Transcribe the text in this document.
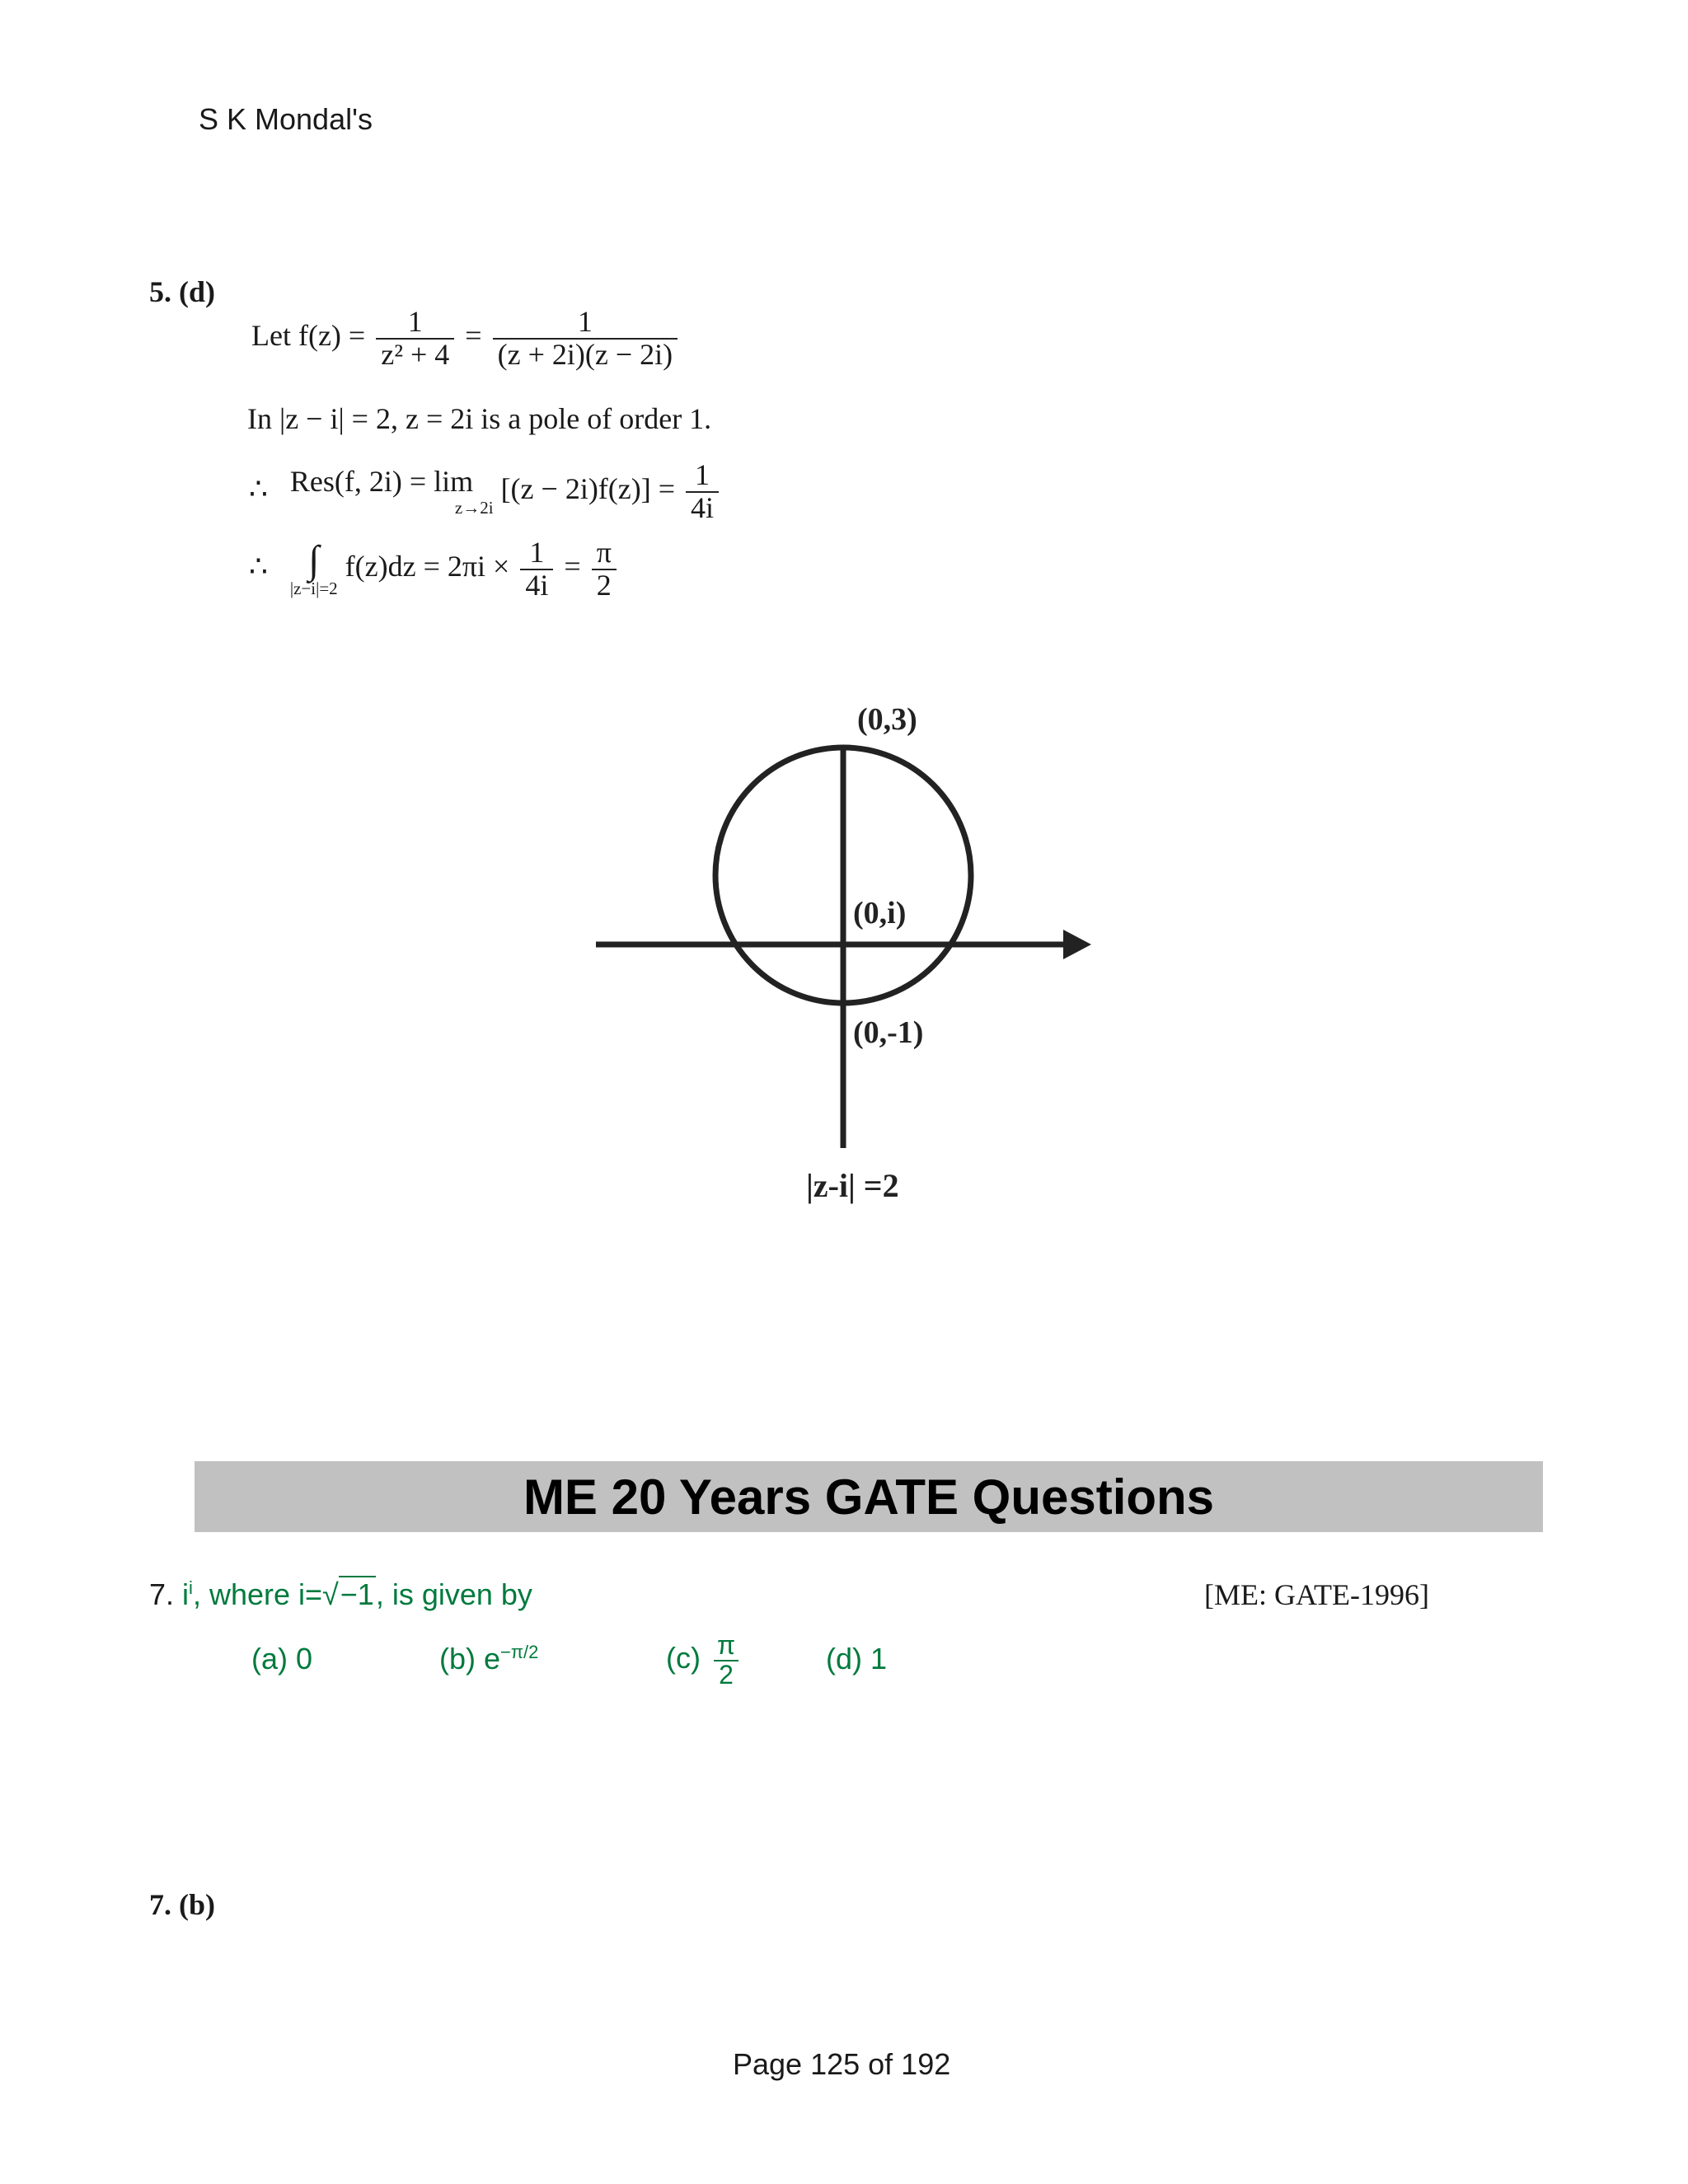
S K Mondal's
5. (d)
Let $f(z) = \frac{1}{\text{z² + 4}} = \frac{1}{(z + 2i)(z - 2i)}$
In |z − i| = 2, z = 2i is a pole of order 1.
∴ Res(f, 2i) = lim
z→2i
$[(z - 2i)f(z)] = \frac{1}{4i}$
∴ ∫
|z−i|=2
$f(z)dz = 2\pi i \times \frac{1}{4i} = \frac{\pi}{2}$
(0,3)
(0,i)
(0,-1)
|z-i| =2
ME 20 Years GATE Questions
7. $i^i$, where i=√−1, is given by	[ME: GATE-1996]
(a) 0	(b) $e^{-\pi/2}$	$(c) \frac{\pi}{2}$	(d) 1
7. (b)
Page 125 of 192
